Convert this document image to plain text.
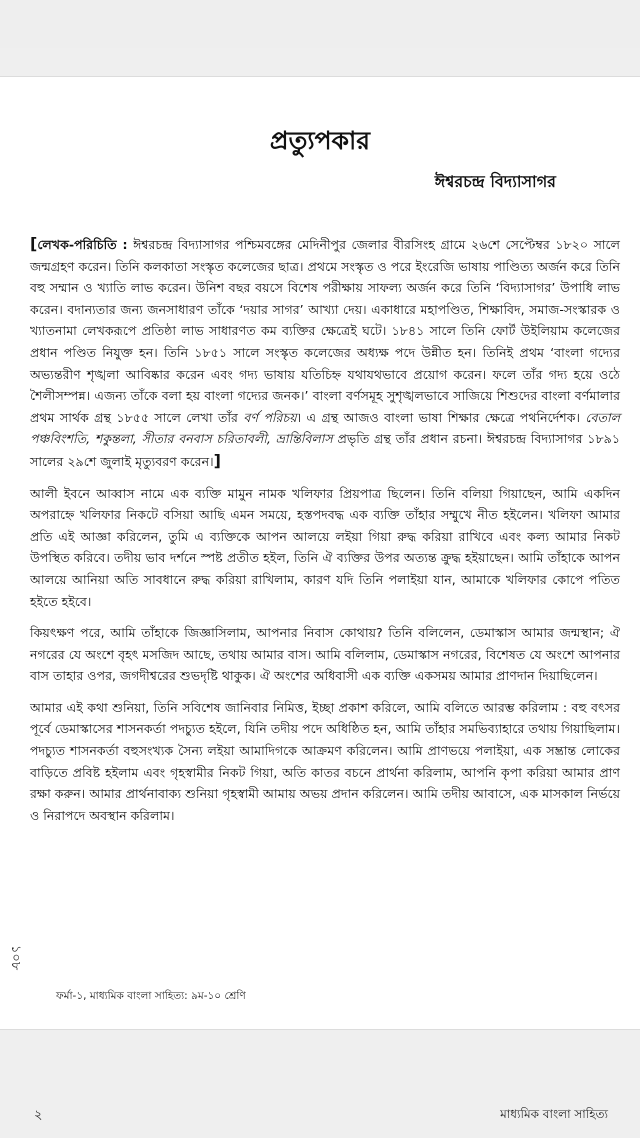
প্রত্যুপকার
ঈশ্বরচন্দ্র বিদ্যাসাগর

[লেখক-পরিচিতি : ঈশ্বরচন্দ্র বিদ্যাসাগর পশ্চিমবঙ্গের মেদিনীপুর জেলার বীরসিংহ গ্রামে ২৬শে সেপ্টেম্বর ১৮২০ সালে জন্মগ্রহণ করেন। তিনি কলকাতা সংস্কৃত কলেজের ছাত্র। প্রথমে সংস্কৃত ও পরে ইংরেজি ভাষায় পাণ্ডিত্য অর্জন করে তিনি বহু সম্মান ও খ্যাতি লাভ করেন। উনিশ বছর বয়সে বিশেষ পরীক্ষায় সাফল্য অর্জন করে তিনি ‘বিদ্যাসাগর’ উপাধি লাভ করেন। বদান্যতার জন্য জনসাধারণ তাঁকে ‘দয়ার সাগর’ আখ্যা দেয়। একাধারে মহাপণ্ডিত, শিক্ষাবিদ, সমাজ-সংস্কারক ও খ্যাতনামা লেখকরূপে প্রতিষ্ঠা লাভ সাধারণত কম ব্যক্তির ক্ষেত্রেই ঘটে। ১৮৪১ সালে তিনি ফোর্ট উইলিয়াম কলেজের প্রধান পণ্ডিত নিযুক্ত হন। তিনি ১৮৫১ সালে সংস্কৃত কলেজের অধ্যক্ষ পদে উন্নীত হন। তিনিই প্রথম ‘বাংলা গদ্যের অভ্যন্তরীণ শৃঙ্খলা আবিষ্কার করেন এবং গদ্য ভাষায় যতিচিহ্ন যথাযথভাবে প্রয়োগ করেন। ফলে তাঁর গদ্য হয়ে ওঠে শৈলীসম্পন্ন। এজন্য তাঁকে বলা হয় বাংলা গদ্যের জনক।’ বাংলা বর্ণসমূহ সুশৃঙ্খলভাবে সাজিয়ে শিশুদের বাংলা বর্ণমালার প্রথম সার্থক গ্রন্থ ১৮৫৫ সালে লেখা তাঁর বর্ণ পরিচয়। এ গ্রন্থ আজও বাংলা ভাষা শিক্ষার ক্ষেত্রে পথনির্দেশক। বেতাল পঞ্চবিংশতি, শকুন্তলা, সীতার বনবাস চরিতাবলী, ভ্রান্তিবিলাস প্রভৃতি গ্রন্থ তাঁর প্রধান রচনা। ঈশ্বরচন্দ্র বিদ্যাসাগর ১৮৯১ সালের ২৯শে জুলাই মৃত্যুবরণ করেন।]

আলী ইবনে আব্বাস নামে এক ব্যক্তি মামুন নামক খলিফার প্রিয়পাত্র ছিলেন। তিনি বলিয়া গিয়াছেন, আমি একদিন অপরাহ্নে খলিফার নিকটে বসিয়া আছি এমন সময়ে, হস্তপদবদ্ধ এক ব্যক্তি তাঁহার সম্মুখে নীত হইলেন। খলিফা আমার প্রতি এই আজ্ঞা করিলেন, তুমি এ ব্যক্তিকে আপন আলয়ে লইয়া গিয়া রুদ্ধ করিয়া রাখিবে এবং কল্য আমার নিকট উপস্থিত করিবে। তদীয় ভাব দর্শনে স্পষ্ট প্রতীত হইল, তিনি ঐ ব্যক্তির উপর অত্যন্ত ক্রুদ্ধ হইয়াছেন। আমি তাঁহাকে আপন আলয়ে আনিয়া অতি সাবধানে রুদ্ধ করিয়া রাখিলাম, কারণ যদি তিনি পলাইয়া যান, আমাকে খলিফার কোপে পতিত হইতে হইবে।

কিয়ৎক্ষণ পরে, আমি তাঁহাকে জিজ্ঞাসিলাম, আপনার নিবাস কোথায়? তিনি বলিলেন, ডেমাস্কাস আমার জন্মস্থান; ঐ নগরের যে অংশে বৃহৎ মসজিদ আছে, তথায় আমার বাস। আমি বলিলাম, ডেমাস্কাস নগরের, বিশেষত যে অংশে আপনার বাস তাহার ওপর, জগদীশ্বরের শুভদৃষ্টি থাকুক। ঐ অংশের অধিবাসী এক ব্যক্তি একসময় আমার প্রাণদান দিয়াছিলেন।

আমার এই কথা শুনিয়া, তিনি সবিশেষ জানিবার নিমিত্ত, ইচ্ছা প্রকাশ করিলে, আমি বলিতে আরম্ভ করিলাম : বহু বৎসর পূর্বে ডেমাস্কাসের শাসনকর্তা পদচ্যুত হইলে, যিনি তদীয় পদে অধিষ্ঠিত হন, আমি তাঁহার সমভিব্যাহারে তথায় গিয়াছিলাম। পদচ্যুত শাসনকর্তা বহুসংখ্যক সৈন্য লইয়া আমাদিগকে আক্রমণ করিলেন। আমি প্রাণভয়ে পলাইয়া, এক সম্ভ্রান্ত লোকের বাড়িতে প্রবিষ্ট হইলাম এবং গৃহস্বামীর নিকট গিয়া, অতি কাতর বচনে প্রার্থনা করিলাম, আপনি কৃপা করিয়া আমার প্রাণ রক্ষা করুন। আমার প্রার্থনাবাক্য শুনিয়া গৃহস্বামী আমায় অভয় প্রদান করিলেন। আমি তদীয় আবাসে, এক মাসকাল নির্ভয়ে ও নিরাপদে অবস্থান করিলাম।

১০৮
ফর্মা-১, মাধ্যমিক বাংলা সাহিত্য: ৯ম-১০ শ্রেণি
২	মাধ্যমিক বাংলা সাহিত্য
